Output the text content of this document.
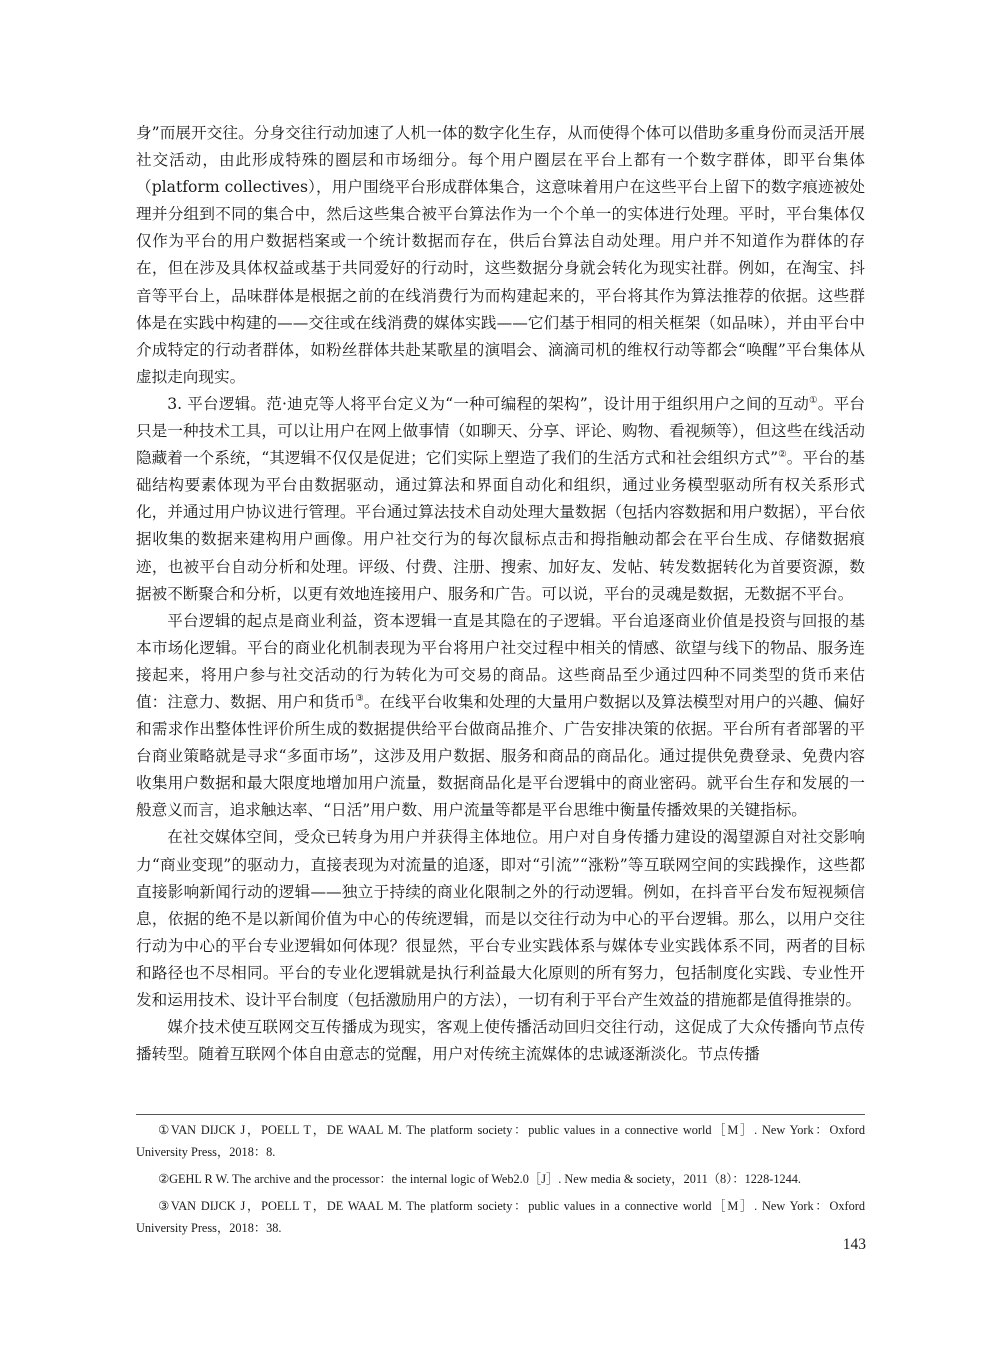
身”而展开交往。分身交往行动加速了人机一体的数字化生存，从而使得个体可以借助多重身份而灵活开展社交活动，由此形成特殊的圈层和市场细分。每个用户圈层在平台上都有一个数字群体，即平台集体（platform collectives），用户围绕平台形成群体集合，这意味着用户在这些平台上留下的数字痕迹被处理并分组到不同的集合中，然后这些集合被平台算法作为一个个单一的实体进行处理。平时，平台集体仅仅作为平台的用户数据档案或一个统计数据而存在，供后台算法自动处理。用户并不知道作为群体的存在，但在涉及具体权益或基于共同爱好的行动时，这些数据分身就会转化为现实社群。例如，在淘宝、抖音等平台上，品味群体是根据之前的在线消费行为而构建起来的，平台将其作为算法推荐的依据。这些群体是在实践中构建的——交往或在线消费的媒体实践——它们基于相同的相关框架（如品味），并由平台中介成特定的行动者群体，如粉丝群体共赴某歌星的演唱会、滴滴司机的维权行动等都会“唤醒”平台集体从虚拟走向现实。

3. 平台逻辑。范·迪克等人将平台定义为“一种可编程的架构”，设计用于组织用户之间的互动①。平台只是一种技术工具，可以让用户在网上做事情（如聊天、分享、评论、购物、看视频等），但这些在线活动隐藏着一个系统，“其逻辑不仅仅是促进；它们实际上塑造了我们的生活方式和社会组织方式”②。平台的基础结构要素体现为平台由数据驱动，通过算法和界面自动化和组织，通过业务模型驱动所有权关系形式化，并通过用户协议进行管理。平台通过算法技术自动处理大量数据（包括内容数据和用户数据），平台依据收集的数据来建构用户画像。用户社交行为的每次鼠标点击和拇指触动都会在平台生成、存储数据痕迹，也被平台自动分析和处理。评级、付费、注册、搜索、加好友、发帖、转发数据转化为首要资源，数据被不断聚合和分析，以更有效地连接用户、服务和广告。可以说，平台的灵魂是数据，无数据不平台。

平台逻辑的起点是商业利益，资本逻辑一直是其隐在的子逻辑。平台追逐商业价值是投资与回报的基本市场化逻辑。平台的商业化机制表现为平台将用户社交过程中相关的情感、欲望与线下的物品、服务连接起来，将用户参与社交活动的行为转化为可交易的商品。这些商品至少通过四种不同类型的货币来估值：注意力、数据、用户和货币③。在线平台收集和处理的大量用户数据以及算法模型对用户的兴趣、偏好和需求作出整体性评价所生成的数据提供给平台做商品推介、广告安排决策的依据。平台所有者部署的平台商业策略就是寻求“多面市场”，这涉及用户数据、服务和商品的商品化。通过提供免费登录、免费内容收集用户数据和最大限度地增加用户流量，数据商品化是平台逻辑中的商业密码。就平台生存和发展的一般意义而言，追求触达率、“日活”用户数、用户流量等都是平台思维中衡量传播效果的关键指标。

在社交媒体空间，受众已转身为用户并获得主体地位。用户对自身传播力建设的渴望源自对社交影响力“商业变现”的驱动力，直接表现为对流量的追逐，即对“引流”“涨粉”等互联网空间的实践操作，这些都直接影响新闻行动的逻辑——独立于持续的商业化限制之外的行动逻辑。例如，在抖音平台发布短视频信息，依据的绝不是以新闻价值为中心的传统逻辑，而是以交往行动为中心的平台逻辑。那么，以用户交往行动为中心的平台专业逻辑如何体现？很显然，平台专业实践体系与媒体专业实践体系不同，两者的目标和路径也不尽相同。平台的专业化逻辑就是执行利益最大化原则的所有努力，包括制度化实践、专业性开发和运用技术、设计平台制度（包括激励用户的方法），一切有利于平台产生效益的措施都是值得推崇的。

媒介技术使互联网交互传播成为现实，客观上使传播活动回归交往行动，这促成了大众传播向节点传播转型。随着互联网个体自由意志的觉醒，用户对传统主流媒体的忠诚逐渐淡化。节点传播

①VAN DIJCK J，POELL T，DE WAAL M. The platform society：public values in a connective world［M］. New York：Oxford University Press，2018：8.

②GEHL R W. The archive and the processor：the internal logic of Web2.0［J］. New media & society，2011（8）：1228-1244.

③VAN DIJCK J，POELL T，DE WAAL M. The platform society：public values in a connective world［M］. New York：Oxford University Press，2018：38.

143
